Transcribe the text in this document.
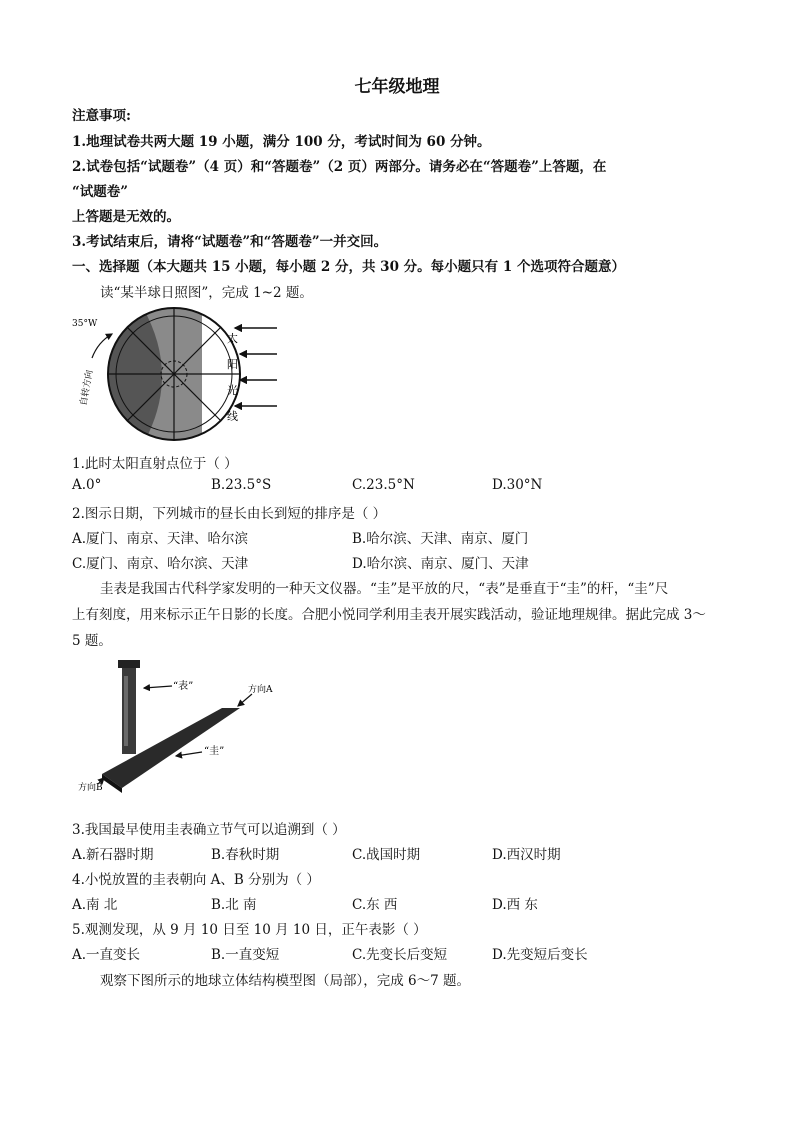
七年级地理
注意事项:
1.地理试卷共两大题 19 小题，满分 100 分，考试时间为 60 分钟。
2.试卷包括“试题卷”（4 页）和“答题卷”（2 页）两部分。请务必在“答题卷”上答题，在
“试题卷”
上答题是无效的。
3.考试结束后，请将“试题卷”和“答题卷”一并交回。
一、选择题（本大题共 15 小题，每小题 2 分，共 30 分。每小题只有 1 个选项符合题意）
读“某半球日照图”，完成 1~2 题。
35°W
太
阳
光
线
自转方向
1.此时太阳直射点位于（ ）
A.0°	B.23.5°S	C.23.5°N	D.30°N
2.图示日期，下列城市的昼长由长到短的排序是（ ）
A.厦门、南京、天津、哈尔滨	B.哈尔滨、天津、南京、厦门
C.厦门、南京、哈尔滨、天津	D.哈尔滨、南京、厦门、天津
圭表是我国古代科学家发明的一种天文仪器。“圭”是平放的尺，“表”是垂直于“圭”的杆，“圭”尺
上有刻度，用来标示正午日影的长度。合肥小悦同学利用圭表开展实践活动，验证地理规律。据此完成 3～
5 题。
“表”
“圭”
方向A
方向B
3.我国最早使用圭表确立节气可以追溯到（ ）
A.新石器时期	B.春秋时期	C.战国时期	D.西汉时期
4.小悦放置的圭表朝向 A、B 分别为（ ）
A.南 北	B.北 南	C.东 西	D.西 东
5.观测发现，从 9 月 10 日至 10 月 10 日，正午表影（ ）
A.一直变长	B.一直变短	C.先变长后变短	D.先变短后变长
观察下图所示的地球立体结构模型图（局部），完成 6～7 题。
